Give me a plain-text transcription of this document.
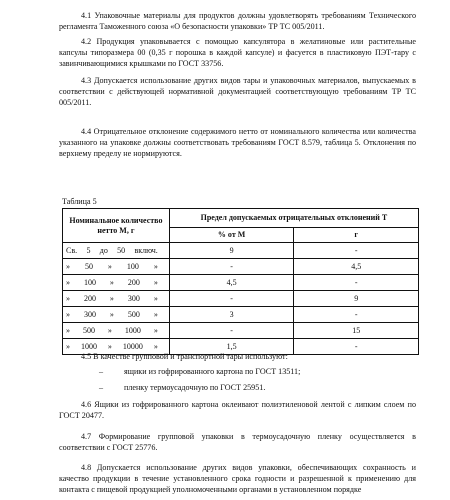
4.1 Упаковочные материалы для продуктов должны удовлетворять требованиям Технического регламента Таможенного союза «О безопасности упаковки» ТР ТС 005/2011.

4.2 Продукция упаковывается с помощью капсулятора в желатиновые или растительные капсулы типоразмера 00 (0,35 г порошка в каждой капсуле) и фасуется в пластиковую ПЭТ-тару с завинчивающимися крышками по ГОСТ 33756.

4.3 Допускается использование других видов тары и упаковочных материалов, выпускаемых в соответствии с действующей нормативной документацией соответствующую требованиям ТР ТС 005/2011.

4.4 Отрицательное отклонение содержимого нетто от номинального количества или количества указанного на упаковке должны соответствовать требованиям ГОСТ 8.579, таблица 5. Отклонения по верхнему пределу не нормируются.

Таблица 5

Номинальное количество нетто М, г	Предел допускаемых отрицательных отклонений Т	
	% от М	г

Св. 5 до 50 включ.	9	-

» 50 » 100 »	-	4,5

» 100 » 200 »	4,5	-

» 200 » 300 »	-	9

» 300 » 500 »	3	-

» 500 » 1000 »	-	15

» 1000 » 10000 »	1,5	-

4.5 В качестве групповой и транспортной тары используют:

–	ящики из гофрированного картона по ГОСТ 13511;
–	пленку термоусадочную по ГОСТ 25951.

4.6 Ящики из гофрированного картона оклеивают полиэтиленовой лентой с липким слоем по ГОСТ 20477.

4.7 Формирование групповой упаковки в термоусадочную пленку осуществляется в соответствии с ГОСТ 25776.

4.8 Допускается использование других видов упаковки, обеспечивающих сохранность и качество продукции в течение установленного срока годности и разрешенной к применению для контакта с пищевой продукцией уполномоченными органами в установленном порядке
